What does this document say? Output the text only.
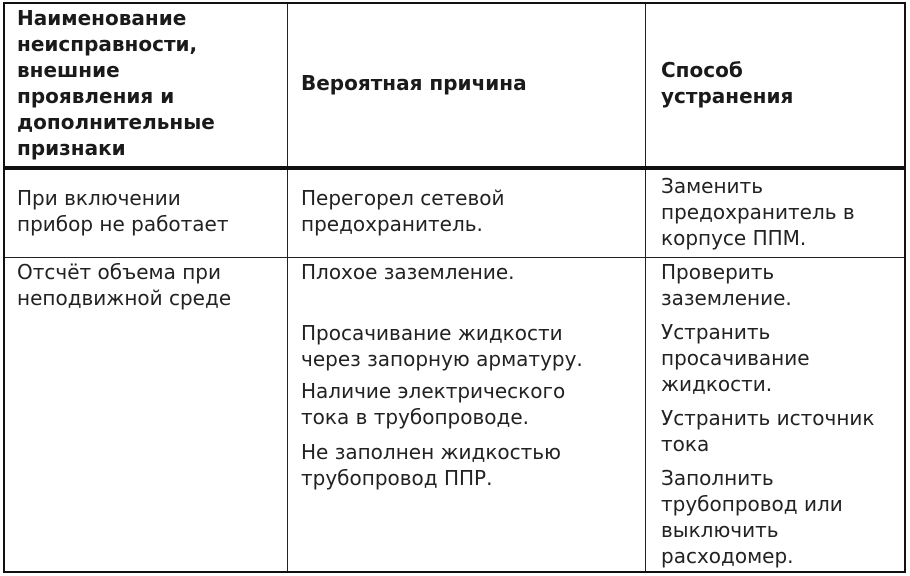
Наименование
неисправности,
внешние
проявления и
дополнительные
признаки
Вероятная причина
Способ
устранения
При включении
прибор не работает
Перегорел сетевой
предохранитель.
Заменить
предохранитель в
корпусе ППМ.
Отсчёт объема при
неподвижной среде
Плохое заземление.
Просачивание жидкости
через запорную арматуру.
Наличие электрического
тока в трубопроводе.
Не заполнен жидкостью
трубопровод ППР.
Проверить
заземление.
Устранить
просачивание
жидкости.
Устранить источник
тока
Заполнить
трубопровод или
выключить
расходомер.
